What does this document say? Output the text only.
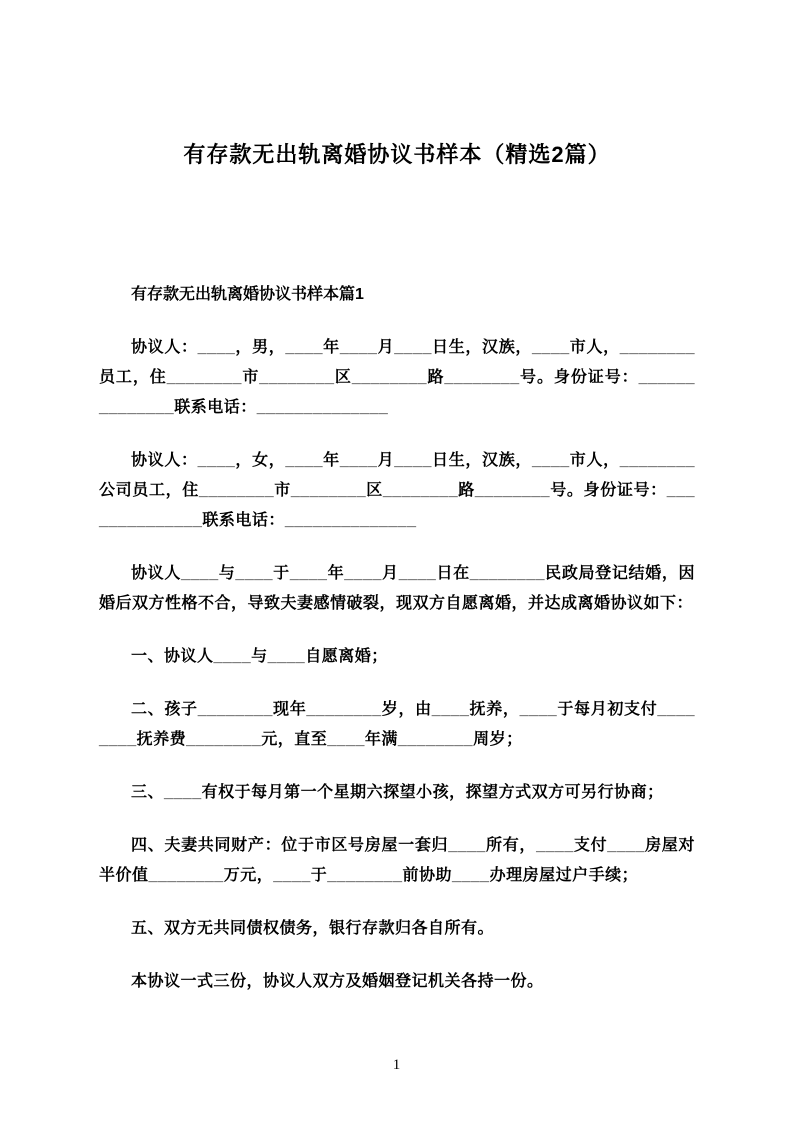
有存款无出轨离婚协议书样本（精选2篇）
有存款无出轨离婚协议书样本篇1

协议人：____，男，____年____月____日生，汉族，____市人，________员工，住________市________区________路________号。身份证号：______________联系电话：______________

协议人：____，女，____年____月____日生，汉族，____市人，________公司员工，住________市________区________路________号。身份证号：______________联系电话：______________

协议人____与____于____年____月____日在________民政局登记结婚，因婚后双方性格不合，导致夫妻感情破裂，现双方自愿离婚，并达成离婚协议如下：

一、协议人____与____自愿离婚；

二、孩子________现年________岁，由____抚养，____于每月初支付________抚养费________元，直至____年满________周岁；

三、____有权于每月第一个星期六探望小孩，探望方式双方可另行协商；

四、夫妻共同财产：位于市区号房屋一套归____所有，____支付____房屋对半价值________万元，____于________前协助____办理房屋过户手续；

五、双方无共同债权债务，银行存款归各自所有。

本协议一式三份，协议人双方及婚姻登记机关各持一份。

1
